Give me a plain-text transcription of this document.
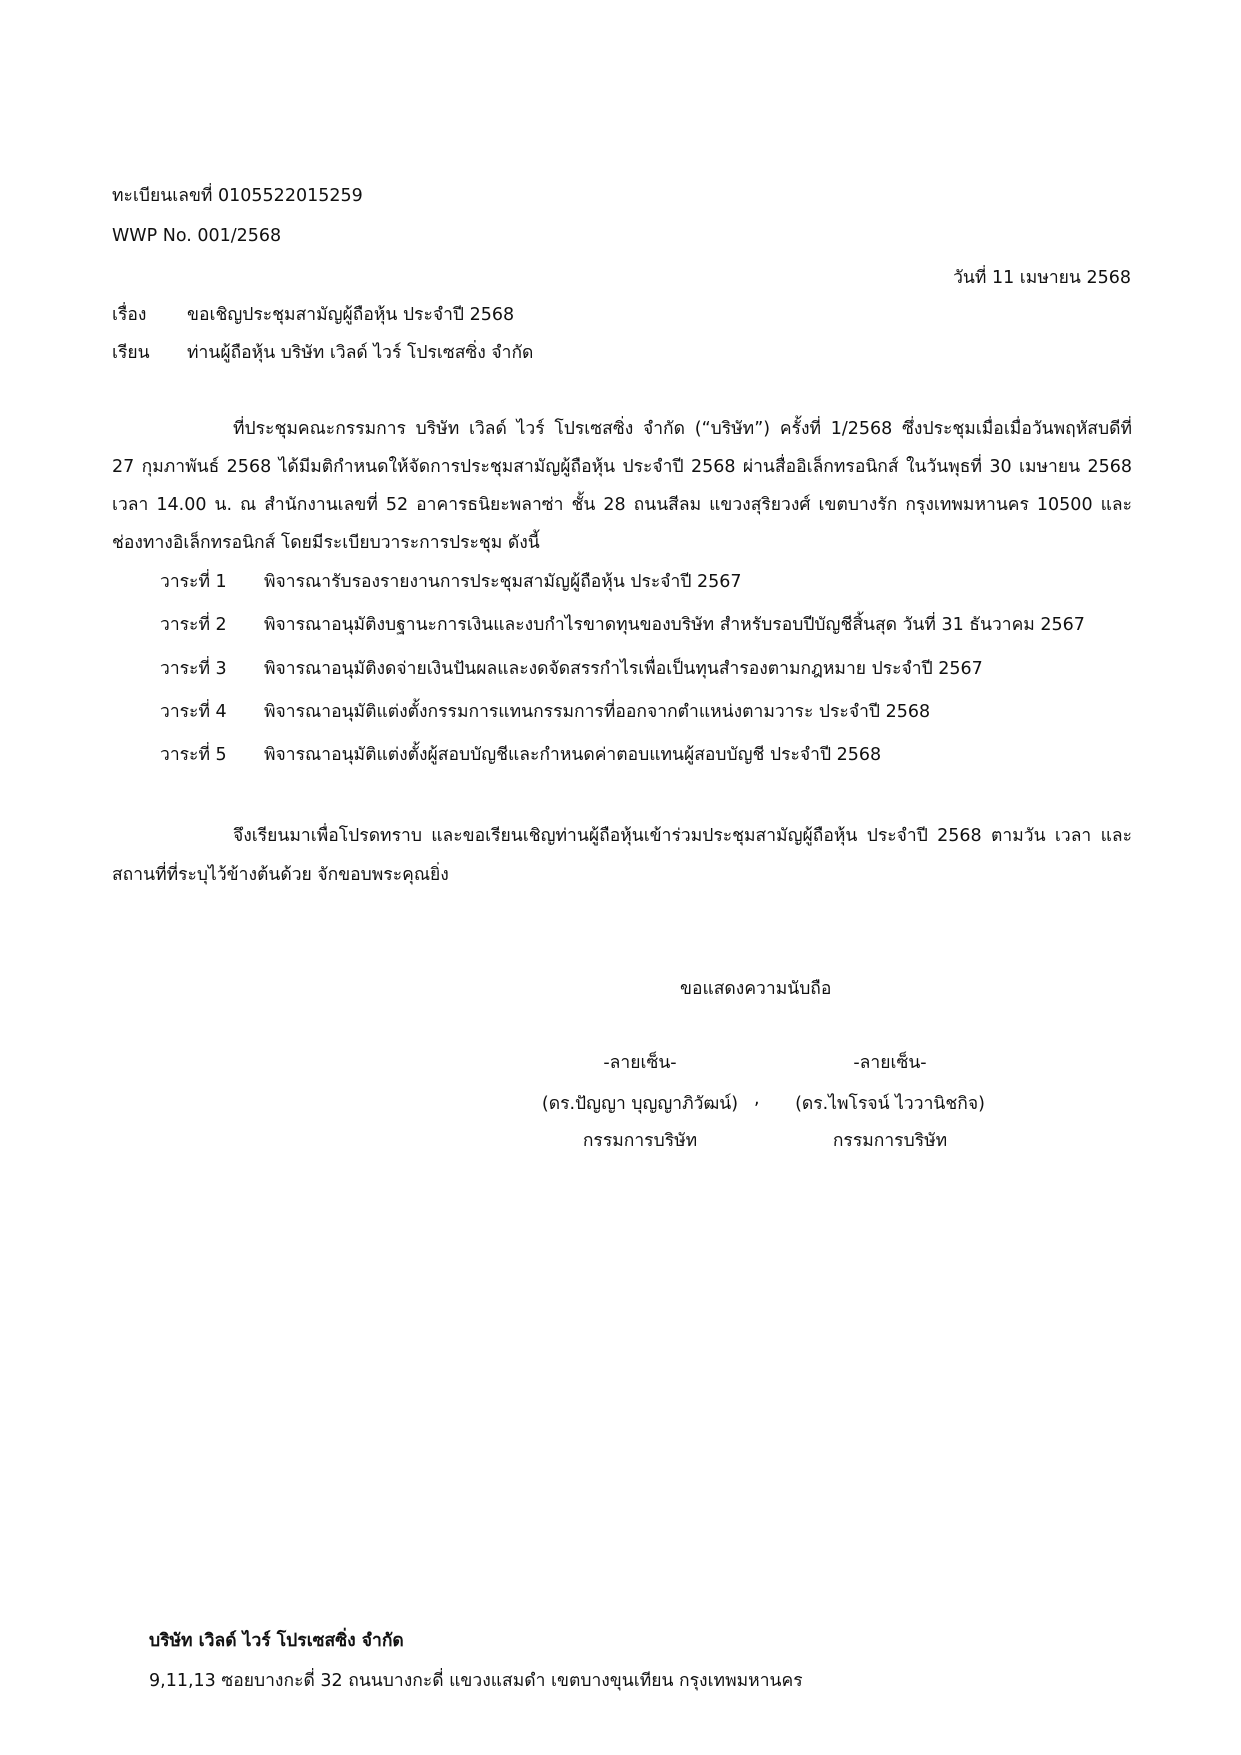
ทะเบียนเลขที่ 0105522015259
WWP No. 001/2568
วันที่ 11 เมษายน 2568
เรื่อง ขอเชิญประชุมสามัญผู้ถือหุ้น ประจำปี 2568
เรียน ท่านผู้ถือหุ้น บริษัท เวิลด์ ไวร์ โปรเซสซิ่ง จำกัด
ที่ประชุมคณะกรรมการ บริษัท เวิลด์ ไวร์ โปรเซสซิ่ง จำกัด (“บริษัท”) ครั้งที่ 1/2568 ซึ่งประชุมเมื่อเมื่อวันพฤหัสบดีที่
27 กุมภาพันธ์ 2568 ได้มีมติกำหนดให้จัดการประชุมสามัญผู้ถือหุ้น ประจำปี 2568 ผ่านสื่ออิเล็กทรอนิกส์ ในวันพุธที่ 30 เมษายน 2568
เวลา 14.00 น. ณ สำนักงานเลขที่ 52 อาคารธนิยะพลาซ่า ชั้น 28 ถนนสีลม แขวงสุริยวงศ์ เขตบางรัก กรุงเทพมหานคร 10500 และ
ช่องทางอิเล็กทรอนิกส์ โดยมีระเบียบวาระการประชุม ดังนี้
วาระที่ 1 พิจารณารับรองรายงานการประชุมสามัญผู้ถือหุ้น ประจำปี 2567
วาระที่ 2 พิจารณาอนุมัติงบฐานะการเงินและงบกำไรขาดทุนของบริษัท สำหรับรอบปีบัญชีสิ้นสุด วันที่ 31 ธันวาคม 2567
วาระที่ 3 พิจารณาอนุมัติงดจ่ายเงินปันผลและงดจัดสรรกำไรเพื่อเป็นทุนสำรองตามกฎหมาย ประจำปี 2567
วาระที่ 4 พิจารณาอนุมัติแต่งตั้งกรรมการแทนกรรมการที่ออกจากตำแหน่งตามวาระ ประจำปี 2568
วาระที่ 5 พิจารณาอนุมัติแต่งตั้งผู้สอบบัญชีและกำหนดค่าตอบแทนผู้สอบบัญชี ประจำปี 2568
จึงเรียนมาเพื่อโปรดทราบ และขอเรียนเชิญท่านผู้ถือหุ้นเข้าร่วมประชุมสามัญผู้ถือหุ้น ประจำปี 2568 ตามวัน เวลา และ
สถานที่ที่ระบุไว้ข้างต้นด้วย จักขอบพระคุณยิ่ง
ขอแสดงความนับถือ
-ลายเซ็น-	-ลายเซ็น-
(ดร.ปัญญา บุญญาภิวัฒน์) ,	(ดร.ไพโรจน์ ไววานิชกิจ)
กรรมการบริษัท	กรรมการบริษัท
บริษัท เวิลด์ ไวร์ โปรเซสซิ่ง จำกัด
9,11,13 ซอยบางกะดี่ 32 ถนนบางกะดี่ แขวงแสมดำ เขตบางขุนเทียน กรุงเทพมหานคร
